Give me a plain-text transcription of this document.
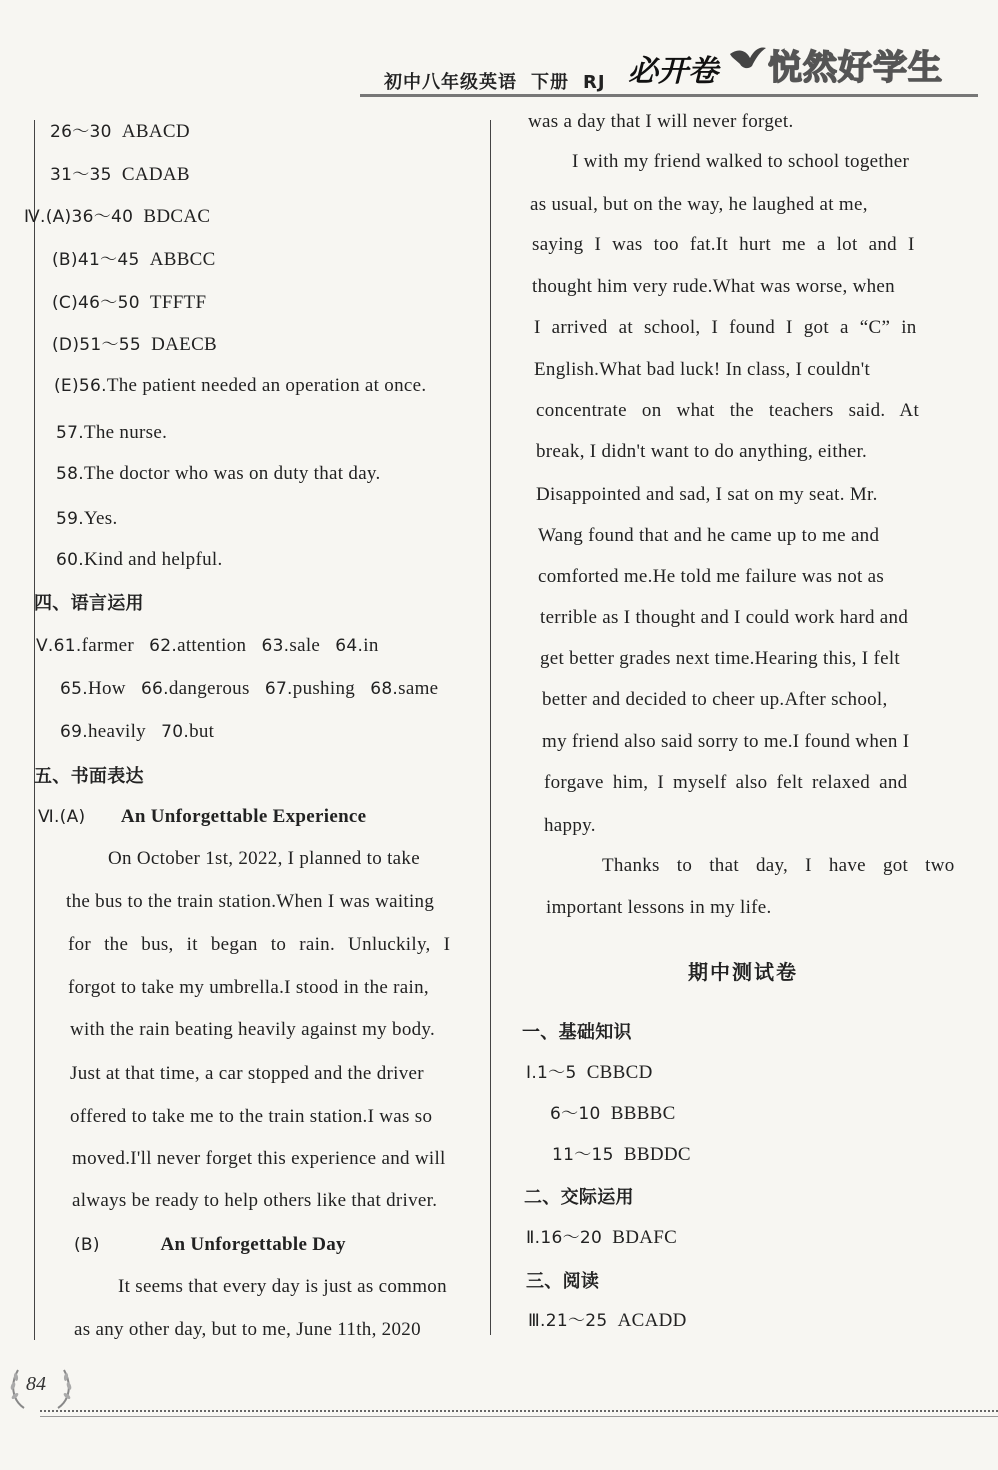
初中八年级英语 下册 RJ 必开卷 悦然好学生
26～30 ABACD
31～35 CADAB
Ⅳ.(A)36～40 BDCAC
(B)41～45 ABBCC
(C)46～50 TFFTF
(D)51～55 DAECB
(E)56.The patient needed an operation at once.
57.The nurse.
58.The doctor who was on duty that day.
59.Yes.
60.Kind and helpful.
四、语言运用
Ⅴ.61.farmer 62.attention 63.sale 64.in
65.How 66.dangerous 67.pushing 68.same
69.heavily 70.but
五、书面表达
Ⅵ.(A) An Unforgettable Experience
On October 1st, 2022, I planned to take
the bus to the train station.When I was waiting
for the bus, it began to rain. Unluckily, I
forgot to take my umbrella.I stood in the rain,
with the rain beating heavily against my body.
Just at that time, a car stopped and the driver
offered to take me to the train station.I was so
moved.I'll never forget this experience and will
always be ready to help others like that driver.
(B)	An Unforgettable Day
It seems that every day is just as common
as any other day, but to me, June 11th, 2020
was a day that I will never forget.
I with my friend walked to school together
as usual, but on the way, he laughed at me,
saying I was too fat.It hurt me a lot and I
thought him very rude.What was worse, when
I arrived at school, I found I got a “C” in
English.What bad luck! In class, I couldn't
concentrate on what the teachers said. At
break, I didn't want to do anything, either.
Disappointed and sad, I sat on my seat. Mr.
Wang found that and he came up to me and
comforted me.He told me failure was not as
terrible as I thought and I could work hard and
get better grades next time.Hearing this, I felt
better and decided to cheer up.After school,
my friend also said sorry to me.I found when I
forgave him, I myself also felt relaxed and
happy.
Thanks to that day, I have got two
important lessons in my life.
期中测试卷
一、基础知识
Ⅰ.1～5 CBBCD
6～10 BBBBC
11～15 BBDDC
二、交际运用
Ⅱ.16～20 BDAFC
三、阅读
Ⅲ.21～25 ACADD
84
